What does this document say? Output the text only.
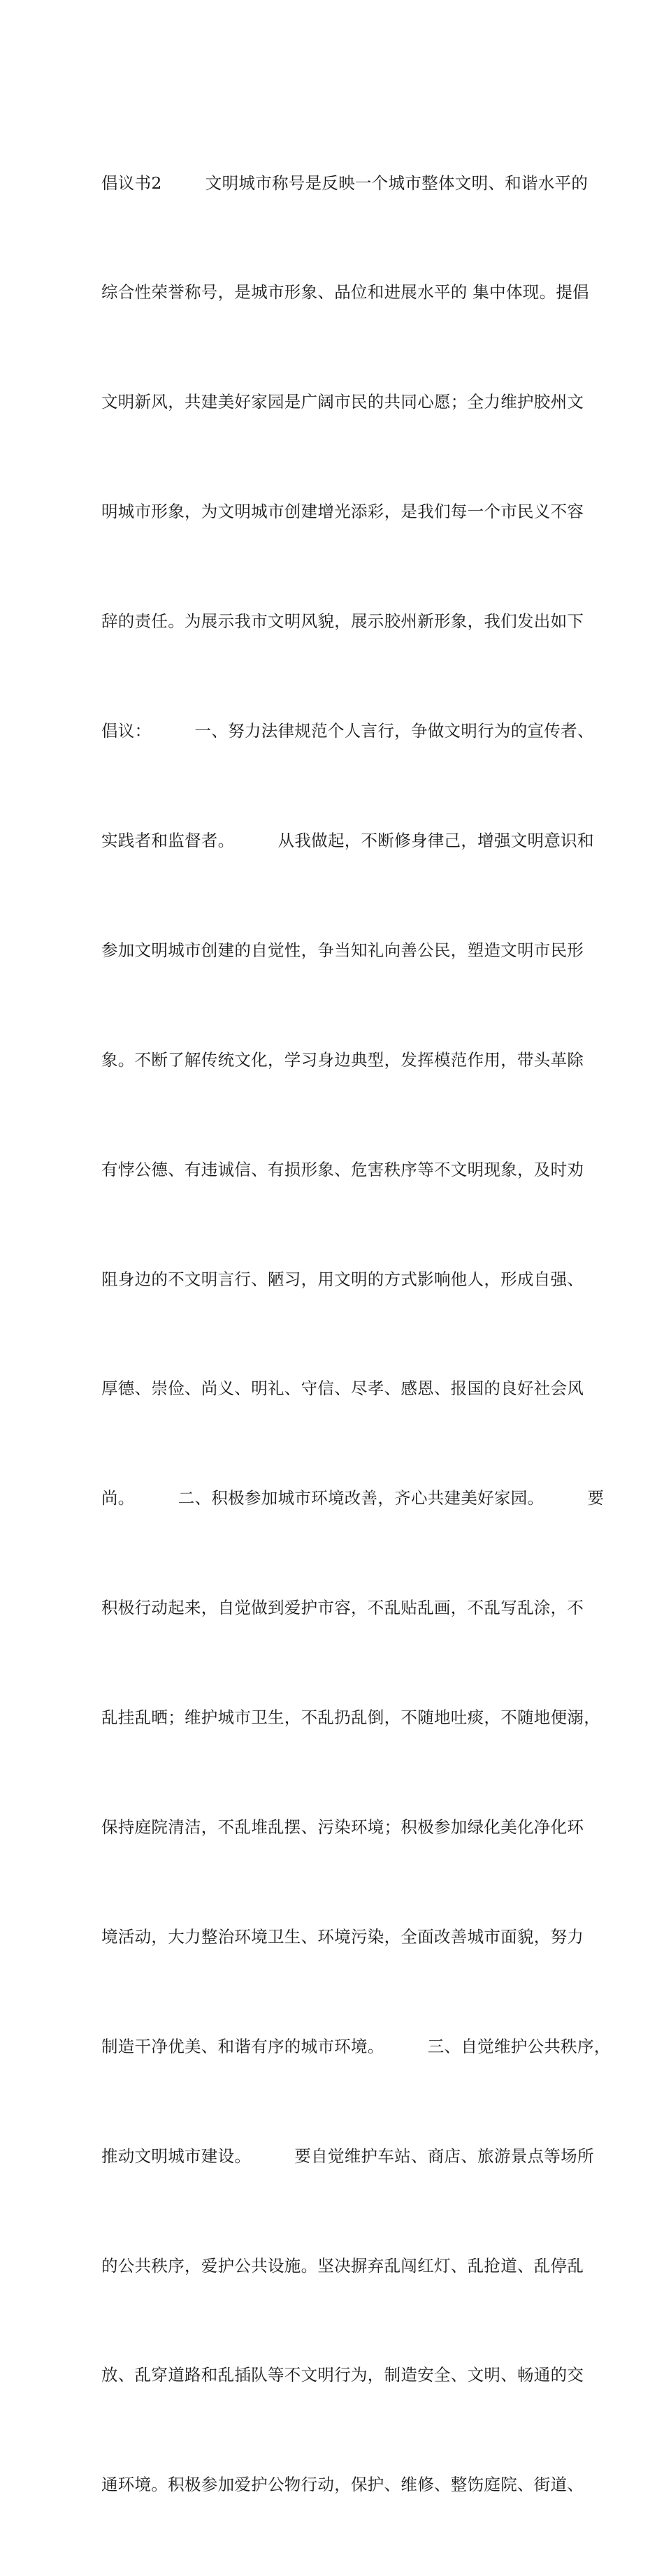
倡议书2        文明城市称号是反映一个城市整体文明、和谐水平的

综合性荣誉称号，是城市形象、品位和进展水平的 集中体现。提倡

文明新风，共建美好家园是广阔市民的共同心愿；全力维护胶州文

明城市形象，为文明城市创建增光添彩，是我们每一个市民义不容

辞的责任。为展示我市文明风貌，展示胶州新形象，我们发出如下

倡议：        一、努力法律规范个人言行，争做文明行为的宣传者、

实践者和监督者。        从我做起，不断修身律己，增强文明意识和

参加文明城市创建的自觉性，争当知礼向善公民，塑造文明市民形

象。不断了解传统文化，学习身边典型，发挥模范作用，带头革除

有悖公德、有违诚信、有损形象、危害秩序等不文明现象，及时劝

阻身边的不文明言行、陋习，用文明的方式影响他人，形成自强、

厚德、崇俭、尚义、明礼、守信、尽孝、感恩、报国的良好社会风

尚。        二、积极参加城市环境改善，齐心共建美好家园。        要

积极行动起来，自觉做到爱护市容，不乱贴乱画，不乱写乱涂，不

乱挂乱晒；维护城市卫生，不乱扔乱倒，不随地吐痰，不随地便溺，

保持庭院清洁，不乱堆乱摆、污染环境；积极参加绿化美化净化环

境活动，大力整治环境卫生、环境污染，全面改善城市面貌，努力

制造干净优美、和谐有序的城市环境。        三、自觉维护公共秩序，

推动文明城市建设。        要自觉维护车站、商店、旅游景点等场所

的公共秩序，爱护公共设施。坚决摒弃乱闯红灯、乱抢道、乱停乱

放、乱穿道路和乱插队等不文明行为，制造安全、文明、畅通的交

通环境。积极参加爱护公物行动，保护、维修、整饬庭院、街道、
